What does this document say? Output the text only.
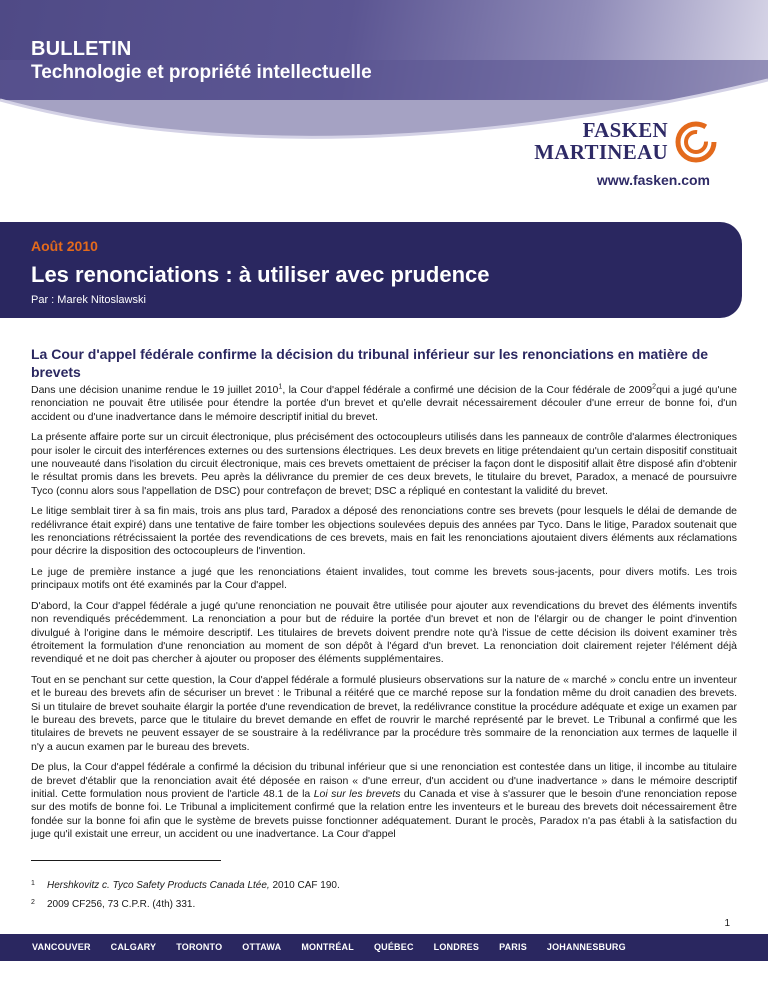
BULLETIN
Technologie et propriété intellectuelle
FASKEN
MARTINEAU
www.fasken.com
Août 2010
Les renonciations : à utiliser avec prudence
Par : Marek Nitoslawski
La Cour d'appel fédérale confirme la décision du tribunal inférieur sur les renonciations en matière de brevets

Dans une décision unanime rendue le 19 juillet 2010$^1$, la Cour d'appel fédérale a confirmé une décision de la Cour fédérale de 2009$^2$qui a jugé qu'une renonciation ne pouvait être utilisée pour étendre la portée d'un brevet et qu'elle devrait nécessairement découler d'une erreur de bonne foi, d'un accident ou d'une inadvertance dans le mémoire descriptif initial du brevet.

La présente affaire porte sur un circuit électronique, plus précisément des octocoupleurs utilisés dans les panneaux de contrôle d'alarmes électroniques pour isoler le circuit des interférences externes ou des surtensions électriques. Les deux brevets en litige prétendaient qu'un certain dispositif constituait une nouveauté dans l'isolation du circuit électronique, mais ces brevets omettaient de préciser la façon dont le dispositif allait être disposé afin d'obtenir le résultat promis dans les brevets. Peu après la délivrance du premier de ces deux brevets, le titulaire du brevet, Paradox, a menacé de poursuivre Tyco (connu alors sous l'appellation de DSC) pour contrefaçon de brevet; DSC a répliqué en contestant la validité du brevet.

Le litige semblait tirer à sa fin mais, trois ans plus tard, Paradox a déposé des renonciations contre ses brevets (pour lesquels le délai de demande de redélivrance était expiré) dans une tentative de faire tomber les objections soulevées depuis des années par Tyco. Dans le litige, Paradox soutenait que les renonciations rétrécissaient la portée des revendications de ces brevets, mais en fait les renonciations ajoutaient divers éléments aux réclamations pour décrire la disposition des octocoupleurs de l'invention.

Le juge de première instance a jugé que les renonciations étaient invalides, tout comme les brevets sous-jacents, pour divers motifs. Les trois principaux motifs ont été examinés par la Cour d'appel.

D'abord, la Cour d'appel fédérale a jugé qu'une renonciation ne pouvait être utilisée pour ajouter aux revendications du brevet des éléments inventifs non revendiqués précédemment. La renonciation a pour but de réduire la portée d'un brevet et non de l'élargir ou de changer le point d'invention divulgué à l'origine dans le mémoire descriptif. Les titulaires de brevets doivent prendre note qu'à l'issue de cette décision ils doivent examiner très étroitement la formulation d'une renonciation au moment de son dépôt à l'égard d'un brevet. La renonciation doit clairement rejeter l'élément déjà revendiqué et ne doit pas chercher à ajouter ou proposer des éléments supplémentaires.

Tout en se penchant sur cette question, la Cour d'appel fédérale a formulé plusieurs observations sur la nature de « marché » conclu entre un inventeur et le bureau des brevets afin de sécuriser un brevet : le Tribunal a réitéré que ce marché repose sur la fondation même du droit canadien des brevets. Si un titulaire de brevet souhaite élargir la portée d'une revendication de brevet, la redélivrance constitue la procédure adéquate et exige un examen par le bureau des brevets, parce que le titulaire du brevet demande en effet de rouvrir le marché représenté par le brevet. Le Tribunal a confirmé que les titulaires de brevets ne peuvent essayer de se soustraire à la redélivrance par la procédure très sommaire de la renonciation aux termes de laquelle il n'y a aucun examen par le bureau des brevets.

De plus, la Cour d'appel fédérale a confirmé la décision du tribunal inférieur que si une renonciation est contestée dans un litige, il incombe au titulaire de brevet d'établir que la renonciation avait été déposée en raison « d'une erreur, d'un accident ou d'une inadvertance » dans le mémoire descriptif initial. Cette formulation nous provient de l'article 48.1 de la Loi sur les brevets du Canada et vise à s'assurer que le besoin d'une renonciation repose sur des motifs de bonne foi. Le Tribunal a implicitement confirmé que la relation entre les inventeurs et le bureau des brevets doit nécessairement être fondée sur la bonne foi afin que le système de brevets puisse fonctionner adéquatement. Durant le procès, Paradox n'a pas établi à la satisfaction du juge qu'il existait une erreur, un accident ou une inadvertance. La Cour d'appel

1 Hershkovitz c. Tyco Safety Products Canada Ltée, 2010 CAF 190.
2 2009 CF256, 73 C.P.R. (4th) 331.
1
VANCOUVER CALGARY TORONTO OTTAWA MONTRÉAL QUÉBEC LONDRES PARIS JOHANNESBURG
